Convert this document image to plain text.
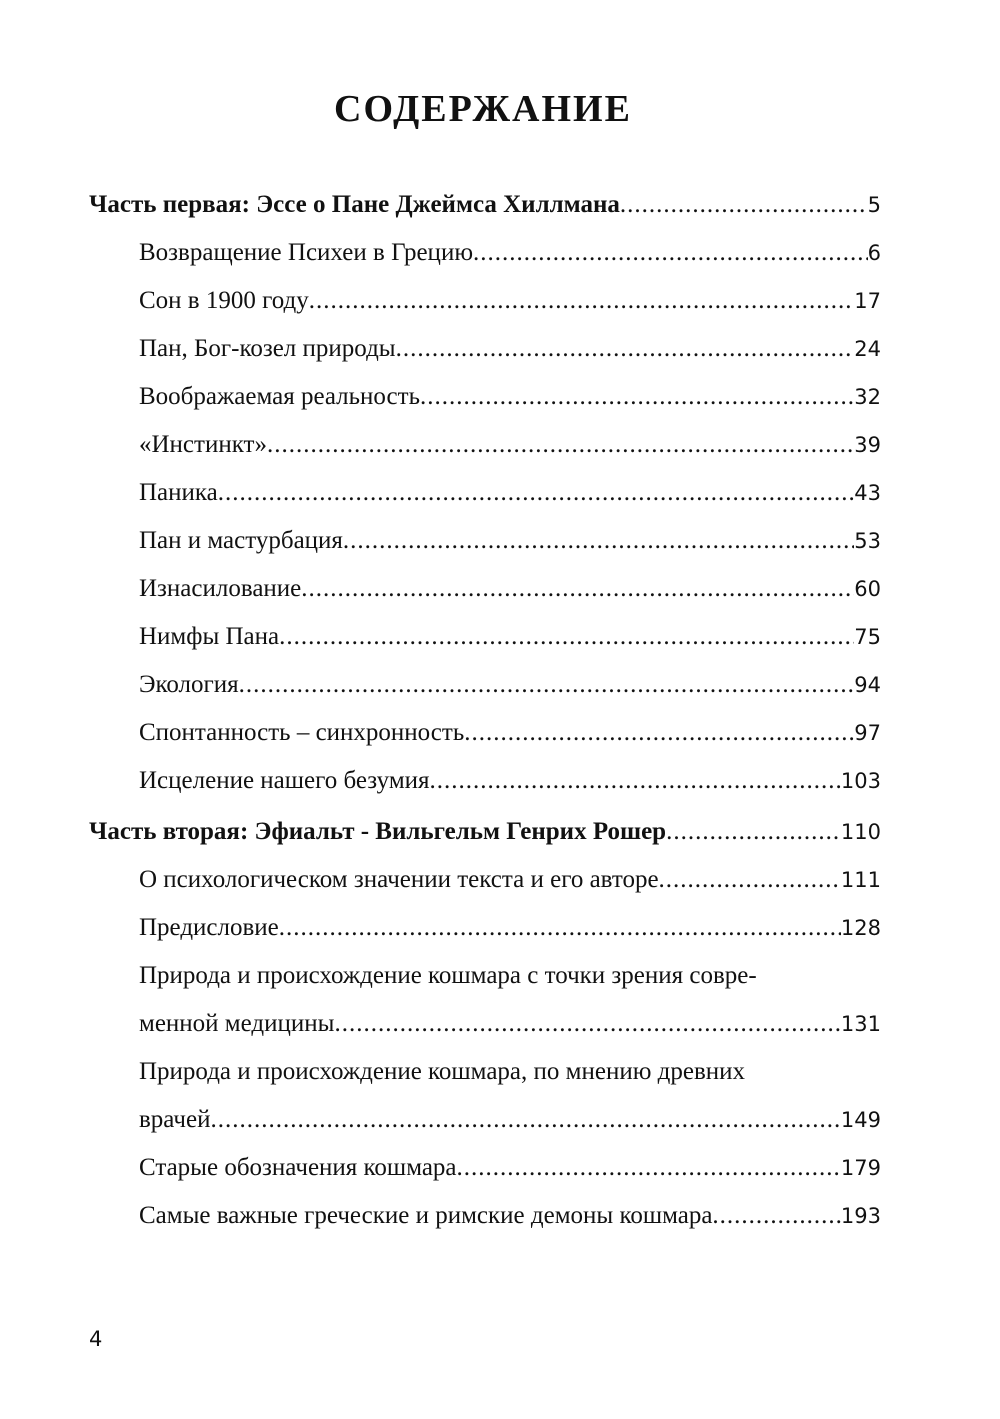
СОДЕРЖАНИЕ
Часть первая: Эссе о Пане Джеймса Хиллмана .....	5
Возвращение Психеи в Грецию .....	6
Сон в 1900 году .....	17
Пан, Бог-козел природы .....	24
Воображаемая реальность .....	32
«Инстинкт» .....	39
Паника .....	43
Пан и мастурбация .....	53
Изнасилование .....	60
Нимфы Пана .....	75
Экология .....	94
Спонтанность – синхронность .....	97
Исцеление нашего безумия .....	103
Часть вторая: Эфиальт - Вильгельм Генрих Рошер .....	110
О психологическом значении текста и его авторе .....	111
Предисловие .....	128
Природа и происхождение кошмара с точки зрения совре-
менной медицины .....	131
Природа и происхождение кошмара, по мнению древних
врачей .....	149
Старые обозначения кошмара .....	179
Самые важные греческие и римские демоны кошмара .....	193
4
